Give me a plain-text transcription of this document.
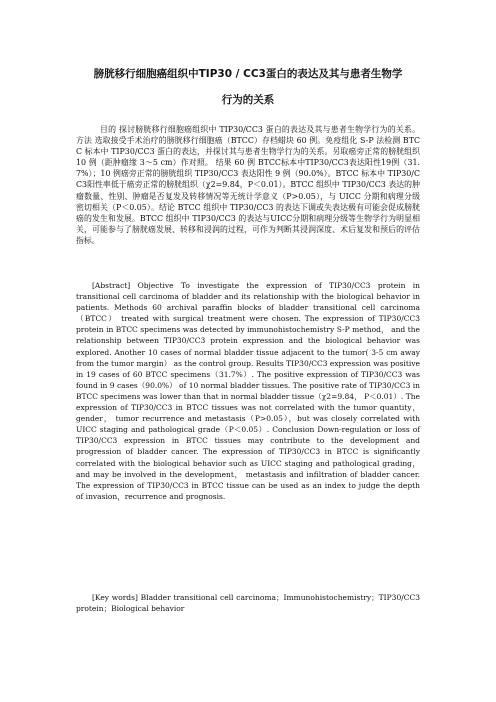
膀胱移行细胞癌组织中TIP30 / CC3蛋白的表达及其与患者生物学
行为的关系

目的 探讨膀胱移行细胞癌组织中 TIP30/CC3 蛋白的表达及其与患者生物学行为的关系。 方法 选取接受手术治疗的膀胱移行细胞癌（BTCC）存档蜡块 60 例。免疫组化 S-P 法检测 BTCC 标本中 TIP30/CC3 蛋白的表达，并探讨其与患者生物学行为的关系。另取癌旁正常的膀胱组织 10 例（距肿瘤缘 3～5 cm）作对照。 结果 60 例 BTCC标本中TIP30/CC3表达阳性19例（31.7%）；10 例癌旁正常的膀胱组织 TIP30/CC3 表达阳性 9 例（90.0%）。BTCC 标本中 TIP30/CC3阳性率低于癌旁正常的膀胱组织（χ2=9.84，P＜0.01）。BTCC 组织中 TIP30/CC3 表达的肿瘤数量、性别、肿瘤是否复发及转移情况等无统计学意义（P>0.05），与 UICC 分期和病理分级密切相关（P＜0.05）。结论 BTCC 组织中 TIP30/CC3 的表达下调或失表达极有可能会促成膀胱癌的发生和发展。BTCC 组织中 TIP30/CC3 的表达与UICC分期和病理分级等生物学行为明显相关，可能参与了膀胱癌发展、转移和浸润的过程，可作为判断其浸润深度、术后复发和预后的评估指标。

[Abstract] Objective To investigate the expression of TIP30/CC3 protein in transitional cell carcinoma of bladder and its relationship with the biological behavior in patients. Methods 60 archival paraffin blocks of bladder transitional cell carcinoma（BTCC） treated with surgical treatment were chosen. The expression of TIP30/CC3 protein in BTCC specimens was detected by immunohistochemistry S-P method， and the relationship between TIP30/CC3 protein expression and the biological behavior was explored. Another 10 cases of normal bladder tissue adjacent to the tumor( 3-5 cm away from the tumor margin） as the control group. Results TIP30/CC3 expression was positive in 19 cases of 60 BTCC specimens（31.7%）. The positive expression of TIP30/CC3 was found in 9 cases（90.0%） of 10 normal bladder tissues. The positive rate of TIP30/CC3 in BTCC specimens was lower than that in normal bladder tissue（χ2=9.84， P＜0.01）. The expression of TIP30/CC3 in BTCC tissues was not correlated with the tumor quantity， gender， tumor recurrence and metastasis（P>0.05），but was closely correlated with UICC staging and pathological grade（P＜0.05）. Conclusion Down-regulation or loss of TIP30/CC3 expression in BTCC tissues may contribute to the development and progression of bladder cancer. The expression of TIP30/CC3 in BTCC is significantly correlated with the biological behavior such as UICC staging and pathological grading， and may be involved in the development， metastasis and infiltration of bladder cancer. The expression of TIP30/CC3 in BTCC tissue can be used as an index to judge the depth of invasion，recurrence and prognosis.

[Key words] Bladder transitional cell carcinoma；Immunohistochemistry；TIP30/CC3 protein；Biological behavior
